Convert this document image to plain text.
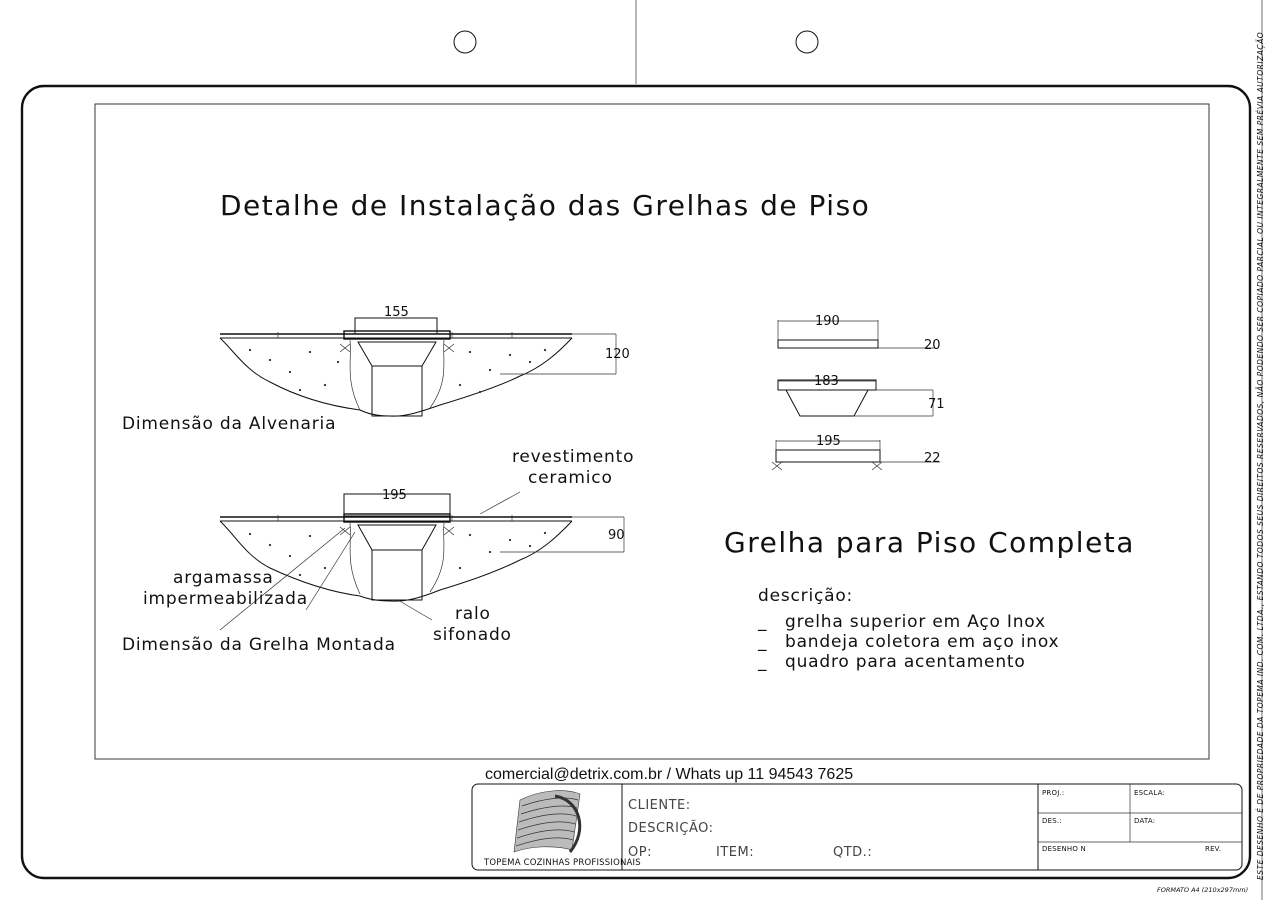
Detalhe de Instalação das Grelhas de Piso
155
120
Dimensão da Alvenaria
195
90
revestimento
ceramico
argamassa
impermeabilizada
ralo
sifonado
Dimensão da Grelha Montada
190
20
183
71
195
22
Grelha para Piso Completa
descrição:
_ grelha superior em Aço Inox
_ bandeja coletora em aço inox
_ quadro para acentamento
comercial@detrix.com.br / Whats up 11 94543 7625
TOPEMA COZINHAS PROFISSIONAIS
CLIENTE:
DESCRIÇÃO:
OP:	ITEM:	QTD.:
PROJ.:	ESCALA:
DES.:	DATA:
DESENHO N	REV.	ESTE DESENHO É DE PROPRIEDADE DA TOPEMA IND. COM. LTDA., ESTANDO TODOS SEUS DIREITOS RESERVADOS, NÃO PODENDO SER COPIADO PARCIAL OU INTEGRALMENTE SEM PRÉVIA AUTORIZAÇÃO
FORMATO A4 (210x297mm)
